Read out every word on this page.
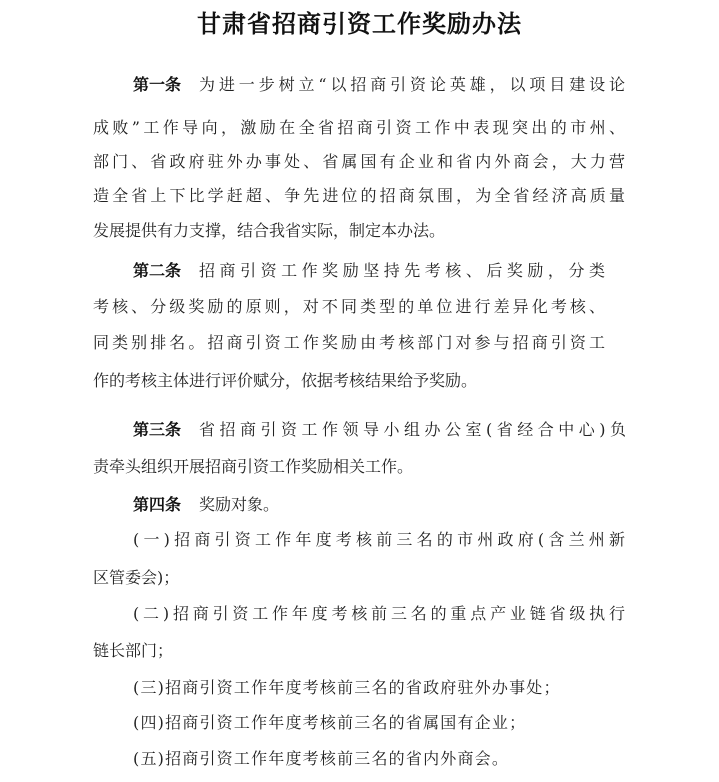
甘肃省招商引资工作奖励办法
第一条 为进一步树立“以招商引资论英雄，以项目建设论
成败”工作导向，激励在全省招商引资工作中表现突出的市州、
部门、省政府驻外办事处、省属国有企业和省内外商会，大力营
造全省上下比学赶超、争先进位的招商氛围，为全省经济高质量
发展提供有力支撑，结合我省实际，制定本办法。
第二条 招商引资工作奖励坚持先考核、后奖励，分类
考核、分级奖励的原则，对不同类型的单位进行差异化考核、
同类别排名。招商引资工作奖励由考核部门对参与招商引资工
作的考核主体进行评价赋分，依据考核结果给予奖励。
第三条 省招商引资工作领导小组办公室(省经合中心)负
责牵头组织开展招商引资工作奖励相关工作。
第四条 奖励对象。
(一)招商引资工作年度考核前三名的市州政府(含兰州新
区管委会)；
(二)招商引资工作年度考核前三名的重点产业链省级执行
链长部门；
(三)招商引资工作年度考核前三名的省政府驻外办事处；
(四)招商引资工作年度考核前三名的省属国有企业；
(五)招商引资工作年度考核前三名的省内外商会。
